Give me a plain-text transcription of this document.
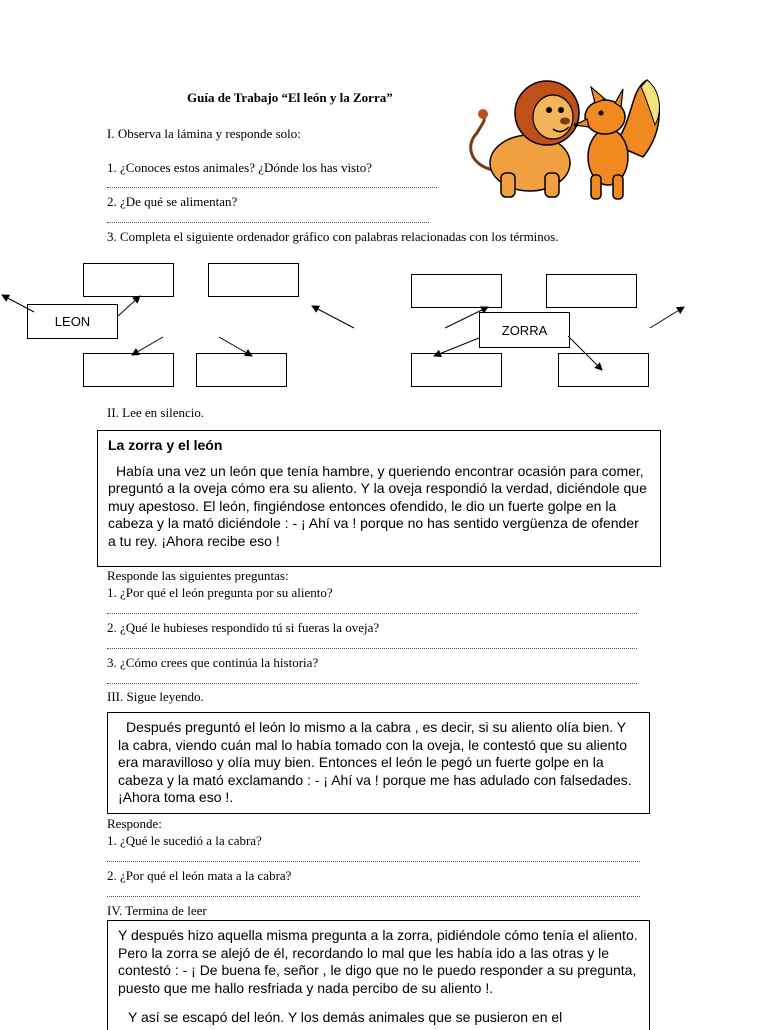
Guía de Trabajo “El león y la Zorra”
I. Observa la lámina y responde solo:
1. ¿Conoces estos animales? ¿Dónde los has visto?
2. ¿De qué se alimentan?
3. Completa el siguiente ordenador gráfico con palabras relacionadas con los términos.
LEON
ZORRA
II. Lee en silencio.
La zorra y el león

Había una vez un león que tenía hambre, y queriendo encontrar ocasión para comer, preguntó a la oveja cómo era su aliento. Y la oveja respondió la verdad, diciéndole que muy apestoso. El león, fingiéndose entonces ofendido, le dio un fuerte golpe en la cabeza y la mató diciéndole : - ¡ Ahí va ! porque no has sentido vergüenza de ofender a tu rey. ¡Ahora recibe eso !

Responde las siguientes preguntas:
1. ¿Por qué el león pregunta por su aliento?
2. ¿Qué le hubieses respondido tú si fueras la oveja?
3. ¿Cómo crees que continúa la historia?
III. Sigue leyendo.

Después preguntó el león lo mismo a la cabra , es decir, si su aliento olía bien. Y la cabra, viendo cuán mal lo había tomado con la oveja, le contestó que su aliento era maravilloso y olía muy bien. Entonces el león le pegó un fuerte golpe en la cabeza y la mató exclamando : - ¡ Ahí va ! porque me has adulado con falsedades. ¡Ahora toma eso !.

Responde:
1. ¿Qué le sucedió a la cabra?
2. ¿Por qué el león mata a la cabra?
IV. Termina de leer

Y después hizo aquella misma pregunta a la zorra, pidiéndole cómo tenía el aliento. Pero la zorra se alejó de él, recordando lo mal que les había ido a las otras y le contestó : - ¡ De buena fe, señor , le digo que no le puedo responder a su pregunta, puesto que me hallo resfriada y nada percibo de su aliento !.

Y así se escapó del león. Y los demás animales que se pusieron en el
